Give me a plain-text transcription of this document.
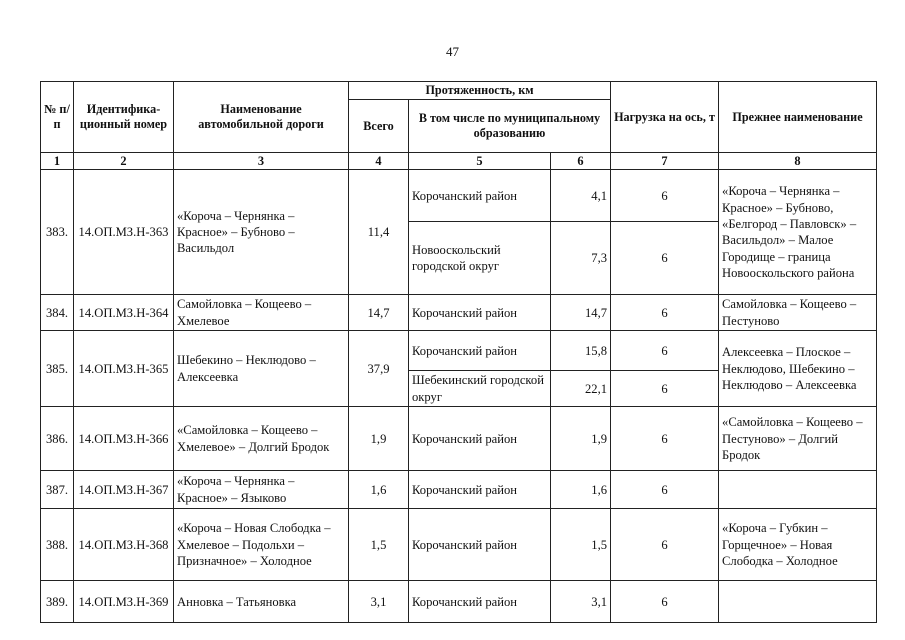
47
№ п/п	Идентифика-ционный номер	Наименование автомобильной дороги	Протяженность, км			Нагрузка на ось, т	Прежнее наименование
			Всего	В том числе по муниципальному образованию			
1	2	3	4	5	6	7	8
383.	14.ОП.МЗ.Н-363	«Короча – Чернянка – Красное» – Бубново – Васильдол	11,4	Корочанский район	4,1	6	«Короча – Чернянка – Красное» – Бубново, «Белгород – Павловск» – Васильдол» – Малое Городище – граница Новооскольского района
				Новооскольский городской округ	7,3	6	
384.	14.ОП.МЗ.Н-364	Самойловка – Кощеево – Хмелевое	14,7	Корочанский район	14,7	6	Самойловка – Кощеево – Пестуново
385.	14.ОП.МЗ.Н-365	Шебекино – Неклюдово – Алексеевка	37,9	Корочанский район	15,8	6	Алексеевка – Плоское – Неклюдово, Шебекино – Неклюдово – Алексеевка
				Шебекинский городской округ	22,1	6	
386.	14.ОП.МЗ.Н-366	«Самойловка – Кощеево – Хмелевое» – Долгий Бродок	1,9	Корочанский район	1,9	6	«Самойловка – Кощеево – Пестуново» – Долгий Бродок
387.	14.ОП.МЗ.Н-367	«Короча – Чернянка – Красное» – Языково	1,6	Корочанский район	1,6	6	
388.	14.ОП.МЗ.Н-368	«Короча – Новая Слободка – Хмелевое – Подольхи – Призначное» – Холодное	1,5	Корочанский район	1,5	6	«Короча – Губкин – Горщечное» – Новая Слободка – Холодное
389.	14.ОП.МЗ.Н-369	Анновка – Татьяновка	3,1	Корочанский район	3,1	6	
